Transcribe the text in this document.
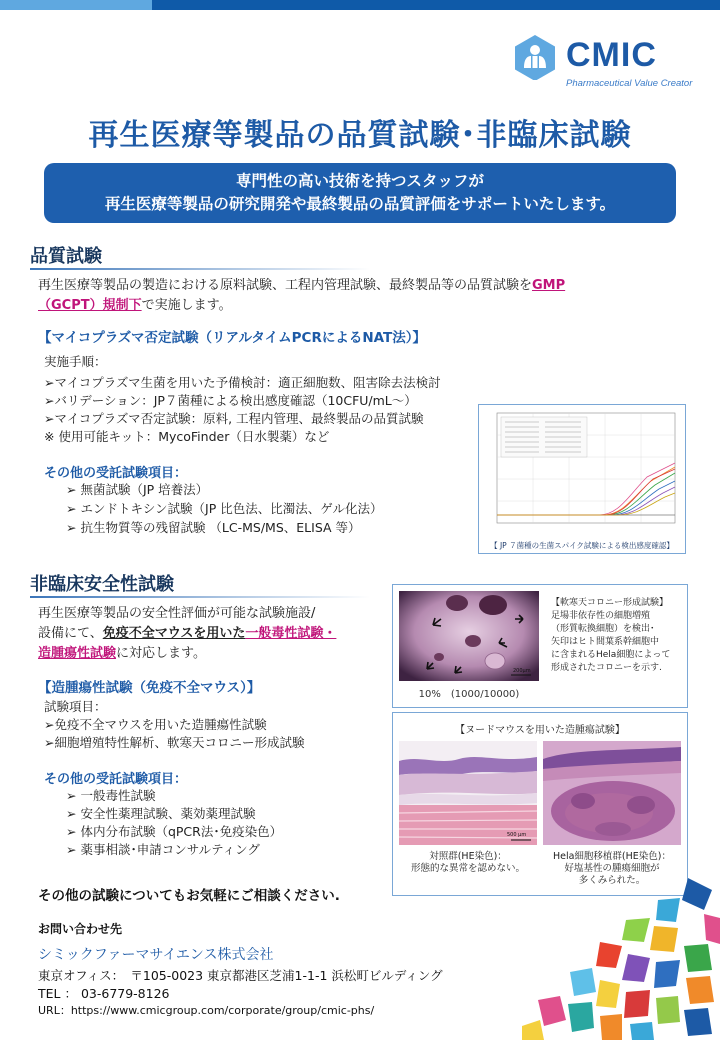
CMIC
Pharmaceutical Value Creator
再生医療等製品の品質試験･非臨床試験
専門性の高い技術を持つスタッフが
再生医療等製品の研究開発や最終製品の品質評価をサポートいたします。
品質試験
再生医療等製品の製造における原料試験、工程内管理試験、最終製品等の品質試験をGMP
（GCPT）規制下で実施します。
【マイコプラズマ否定試験（リアルタイムPCRによるNAT法）】
実施手順：
➢マイコプラズマ生菌を用いた予備検討：適正細胞数、阻害除去法検討
➢バリデーション：JP７菌種による検出感度確認（10CFU/mL～）
➢マイコプラズマ否定試験：原料, 工程内管理、最終製品の品質試験
※ 使用可能キット：MycoFinder（日水製薬）など
その他の受託試験項目：
➢ 無菌試験（JP 培養法）
➢ エンドトキシン試験（JP 比色法、比濁法、ゲル化法）
➢ 抗生物質等の残留試験 （LC-MS/MS、ELISA 等）
【 JP ７菌種の生菌スパイク試験による検出感度確認】
非臨床安全性試験
再生医療等製品の安全性評価が可能な試験施設/
設備にて、免疫不全マウスを用いた一般毒性試験・
造腫瘍性試験に対応します。
【造腫瘍性試験（免疫不全マウス）】
試験項目：
➢免疫不全マウスを用いた造腫瘍性試験
➢細胞増殖特性解析、軟寒天コロニー形成試験
その他の受託試験項目：
➢ 一般毒性試験
➢ 安全性薬理試験、薬効薬理試験
➢ 体内分布試験（qPCR法･免疫染色）
➢ 薬事相談･申請コンサルティング
200μm
10%　(1000/10000)
【軟寒天コロニー形成試験】
足場非依存性の細胞増殖
（形質転換細胞）を検出･
矢印はヒト間葉系幹細胞中
に含まれるHela細胞によって
形成されたコロニーを示す.
【ヌードマウスを用いた造腫瘍試験】
500 μm
対照群(HE染色)：
形態的な異常を認めない。
Hela細胞移植群(HE染色)：
好塩基性の腫瘍細胞が
多くみられた。
その他の試験についてもお気軽にご相談ください.
お問い合わせ先
シミックファーマサイエンス株式会社
東京オフィス：　〒105-0023 東京都港区芝浦1-1-1 浜松町ビルディング
TEL ： 03-6779-8126
URL：https://www.cmicgroup.com/corporate/group/cmic-phs/
